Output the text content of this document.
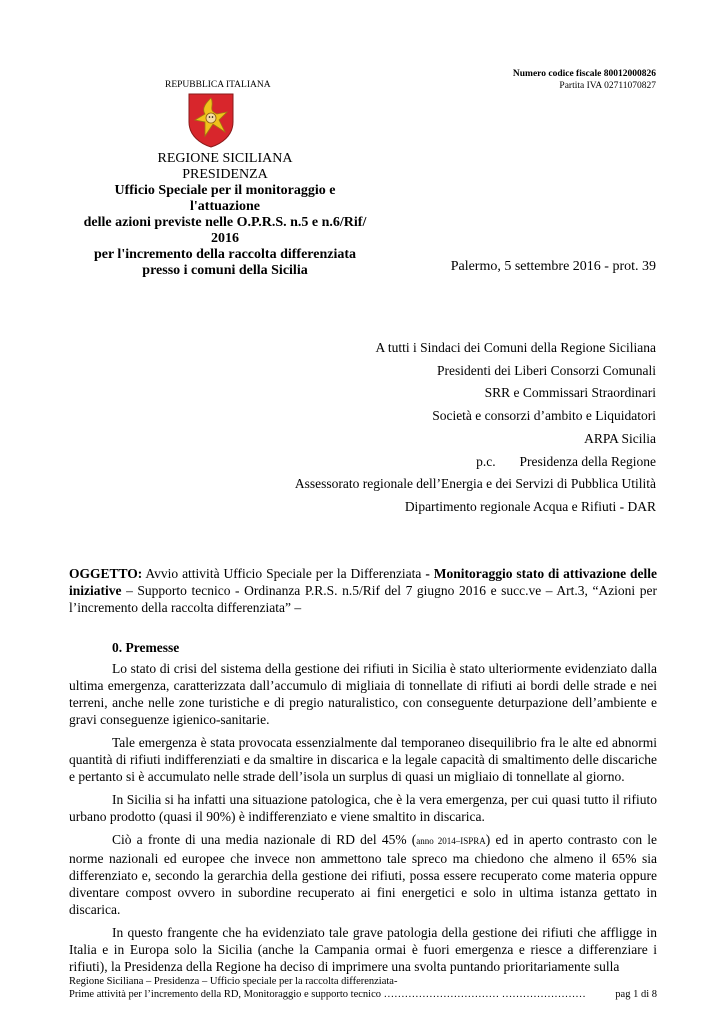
Numero codice fiscale 80012000826
Partita IVA 02711070827
REPUBBLICA ITALIANA
REGIONE SICILIANA
PRESIDENZA
Ufficio Speciale per il monitoraggio e l'attuazione
delle azioni previste nelle O.P.R.S. n.5 e n.6/Rif/ 2016
per l'incremento della raccolta differenziata
presso i comuni della Sicilia	Palermo, 5 settembre 2016 - prot. 39
A tutti i Sindaci dei Comuni della Regione Siciliana
Presidenti dei Liberi Consorzi Comunali
SRR e Commissari Straordinari
Società e consorzi d’ambito e Liquidatori
ARPA Sicilia
p.c. Presidenza della Regione
Assessorato regionale dell’Energia e dei Servizi di Pubblica Utilità
Dipartimento regionale Acqua e Rifiuti - DAR
OGGETTO: Avvio attività Ufficio Speciale per la Differenziata - Monitoraggio stato di attivazione delle iniziative – Supporto tecnico - Ordinanza P.R.S. n.5/Rif del 7 giugno 2016 e succ.ve – Art.3, “Azioni per l’incremento della raccolta differenziata” –
0. Premesse

Lo stato di crisi del sistema della gestione dei rifiuti in Sicilia è stato ulteriormente evidenziato dalla ultima emergenza, caratterizzata dall’accumulo di migliaia di tonnellate di rifiuti ai bordi delle strade e nei terreni, anche nelle zone turistiche e di pregio naturalistico, con conseguente deturpazione dell’ambiente e gravi conseguenze igienico-sanitarie.

Tale emergenza è stata provocata essenzialmente dal temporaneo disequilibrio fra le alte ed abnormi quantità di rifiuti indifferenziati e da smaltire in discarica e la legale capacità di smaltimento delle discariche e pertanto si è accumulato nelle strade dell’isola un surplus di quasi un migliaio di tonnellate al giorno.

In Sicilia si ha infatti una situazione patologica, che è la vera emergenza, per cui quasi tutto il rifiuto urbano prodotto (quasi il 90%) è indifferenziato e viene smaltito in discarica.

Ciò a fronte di una media nazionale di RD del 45% (anno 2014–ISPRA) ed in aperto contrasto con le norme nazionali ed europee che invece non ammettono tale spreco ma chiedono che almeno il 65% sia differenziato e, secondo la gerarchia della gestione dei rifiuti, possa essere recuperato come materia oppure diventare compost ovvero in subordine recuperato ai fini energetici e solo in ultima istanza gettato in discarica.

In questo frangente che ha evidenziato tale grave patologia della gestione dei rifiuti che affligge in Italia e in Europa solo la Sicilia (anche la Campania ormai è fuori emergenza e riesce a differenziare i rifiuti), la Presidenza della Regione ha deciso di imprimere una svolta puntando prioritariamente sulla

Regione Siciliana – Presidenza – Ufficio speciale per la raccolta differenziata-
Prime attività per l’incremento della RD, Monitoraggio e supporto tecnico …………………………… ……………………	pag 1 di 8
